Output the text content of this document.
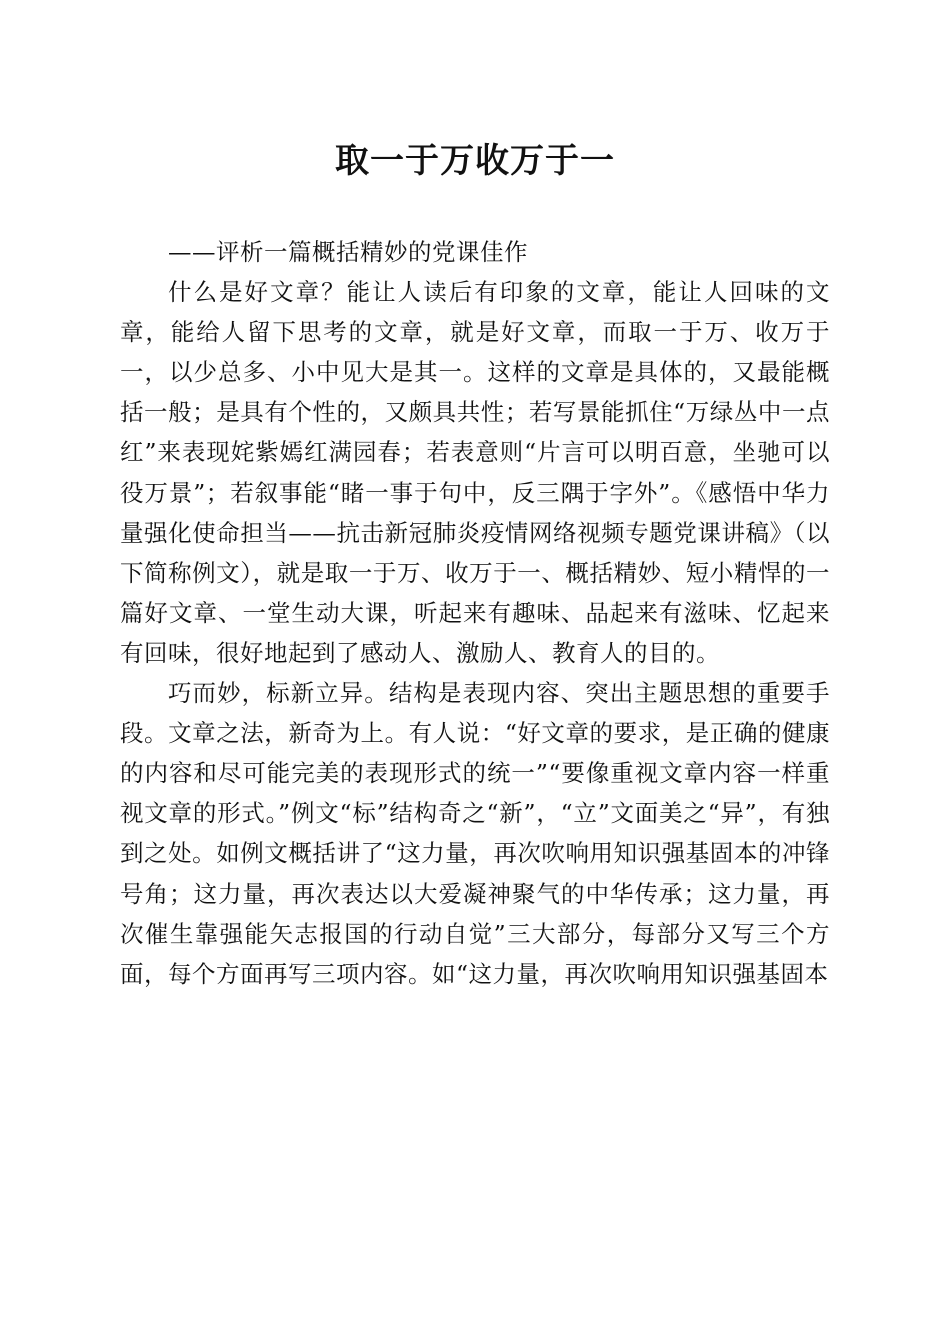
取一于万收万于一

——评析一篇概括精妙的党课佳作

什么是好文章？能让人读后有印象的文章，能让人回味的文章，能给人留下思考的文章，就是好文章，而取一于万、收万于一，以少总多、小中见大是其一。这样的文章是具体的，又最能概括一般；是具有个性的，又颇具共性；若写景能抓住“万绿丛中一点红”来表现姹紫嫣红满园春；若表意则“片言可以明百意，坐驰可以役万景”；若叙事能“睹一事于句中，反三隅于字外”。《感悟中华力量强化使命担当——抗击新冠肺炎疫情网络视频专题党课讲稿》（以下简称例文），就是取一于万、收万于一、概括精妙、短小精悍的一篇好文章、一堂生动大课，听起来有趣味、品起来有滋味、忆起来有回味，很好地起到了感动人、激励人、教育人的目的。

巧而妙，标新立异。结构是表现内容、突出主题思想的重要手段。文章之法，新奇为上。有人说：“好文章的要求，是正确的健康的内容和尽可能完美的表现形式的统一”“要像重视文章内容一样重视文章的形式。”例文“标”结构奇之“新”，“立”文面美之“异”，有独到之处。如例文概括讲了“这力量，再次吹响用知识强基固本的冲锋号角；这力量，再次表达以大爱凝神聚气的中华传承；这力量，再次催生靠强能矢志报国的行动自觉”三大部分，每部分又写三个方面，每个方面再写三项内容。如“这力量，再次吹响用知识强基固本
